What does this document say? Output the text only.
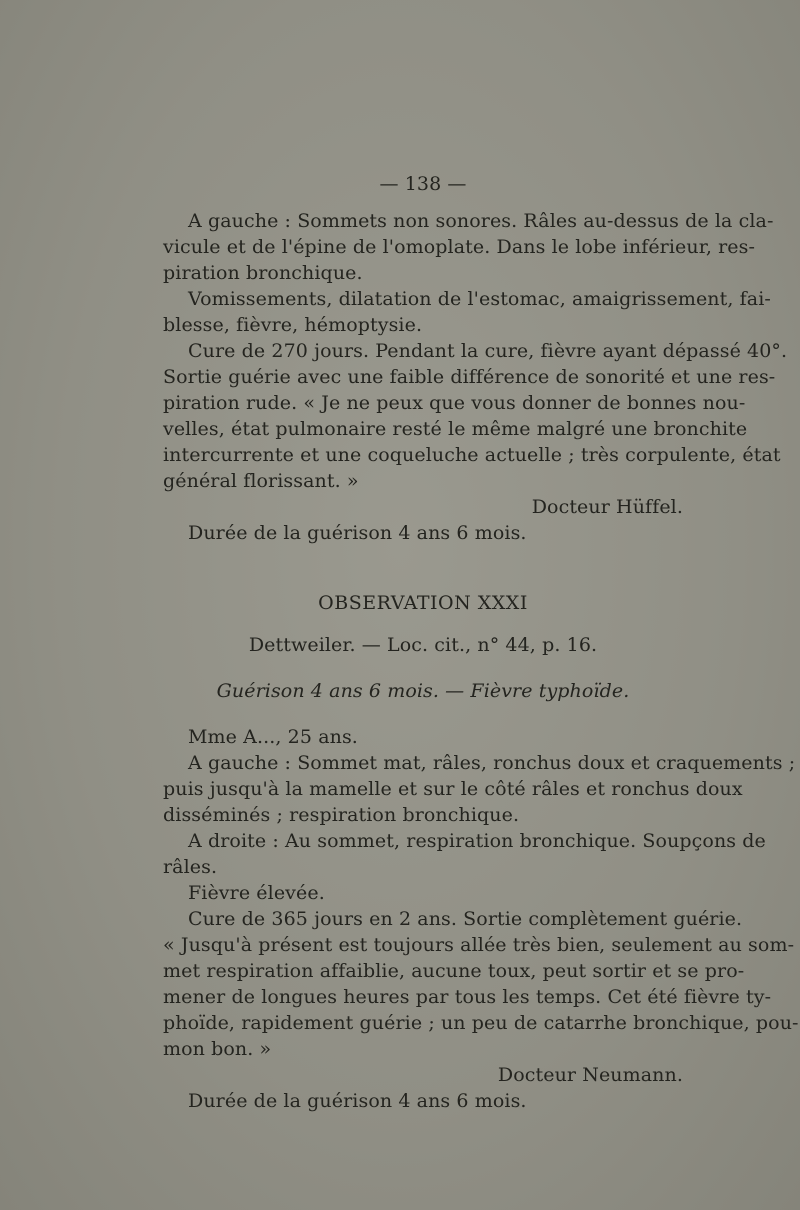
— 138 —
A gauche : Sommets non sonores. Râles au-dessus de la cla-
vicule et de l'épine de l'omoplate. Dans le lobe inférieur, res-
piration bronchique.
Vomissements, dilatation de l'estomac, amaigrissement, fai-
blesse, fièvre, hémoptysie.
Cure de 270 jours. Pendant la cure, fièvre ayant dépassé 40°.
Sortie guérie avec une faible différence de sonorité et une res-
piration rude. « Je ne peux que vous donner de bonnes nou-
velles, état pulmonaire resté le même malgré une bronchite
intercurrente et une coqueluche actuelle ; très corpulente, état
général florissant. »
Docteur Hüffel.
Durée de la guérison 4 ans 6 mois.
OBSERVATION XXXI
Dettweiler. — Loc. cit., n° 44, p. 16.
Guérison 4 ans 6 mois. — Fièvre typhoïde.
Mme A..., 25 ans.
A gauche : Sommet mat, râles, ronchus doux et craquements ;
puis jusqu'à la mamelle et sur le côté râles et ronchus doux
disséminés ; respiration bronchique.
A droite : Au sommet, respiration bronchique. Soupçons de
râles.
Fièvre élevée.
Cure de 365 jours en 2 ans. Sortie complètement guérie.
« Jusqu'à présent est toujours allée très bien, seulement au som-
met respiration affaiblie, aucune toux, peut sortir et se pro-
mener de longues heures par tous les temps. Cet été fièvre ty-
phoïde, rapidement guérie ; un peu de catarrhe bronchique, pou-
mon bon. »
Docteur Neumann.
Durée de la guérison 4 ans 6 mois.
